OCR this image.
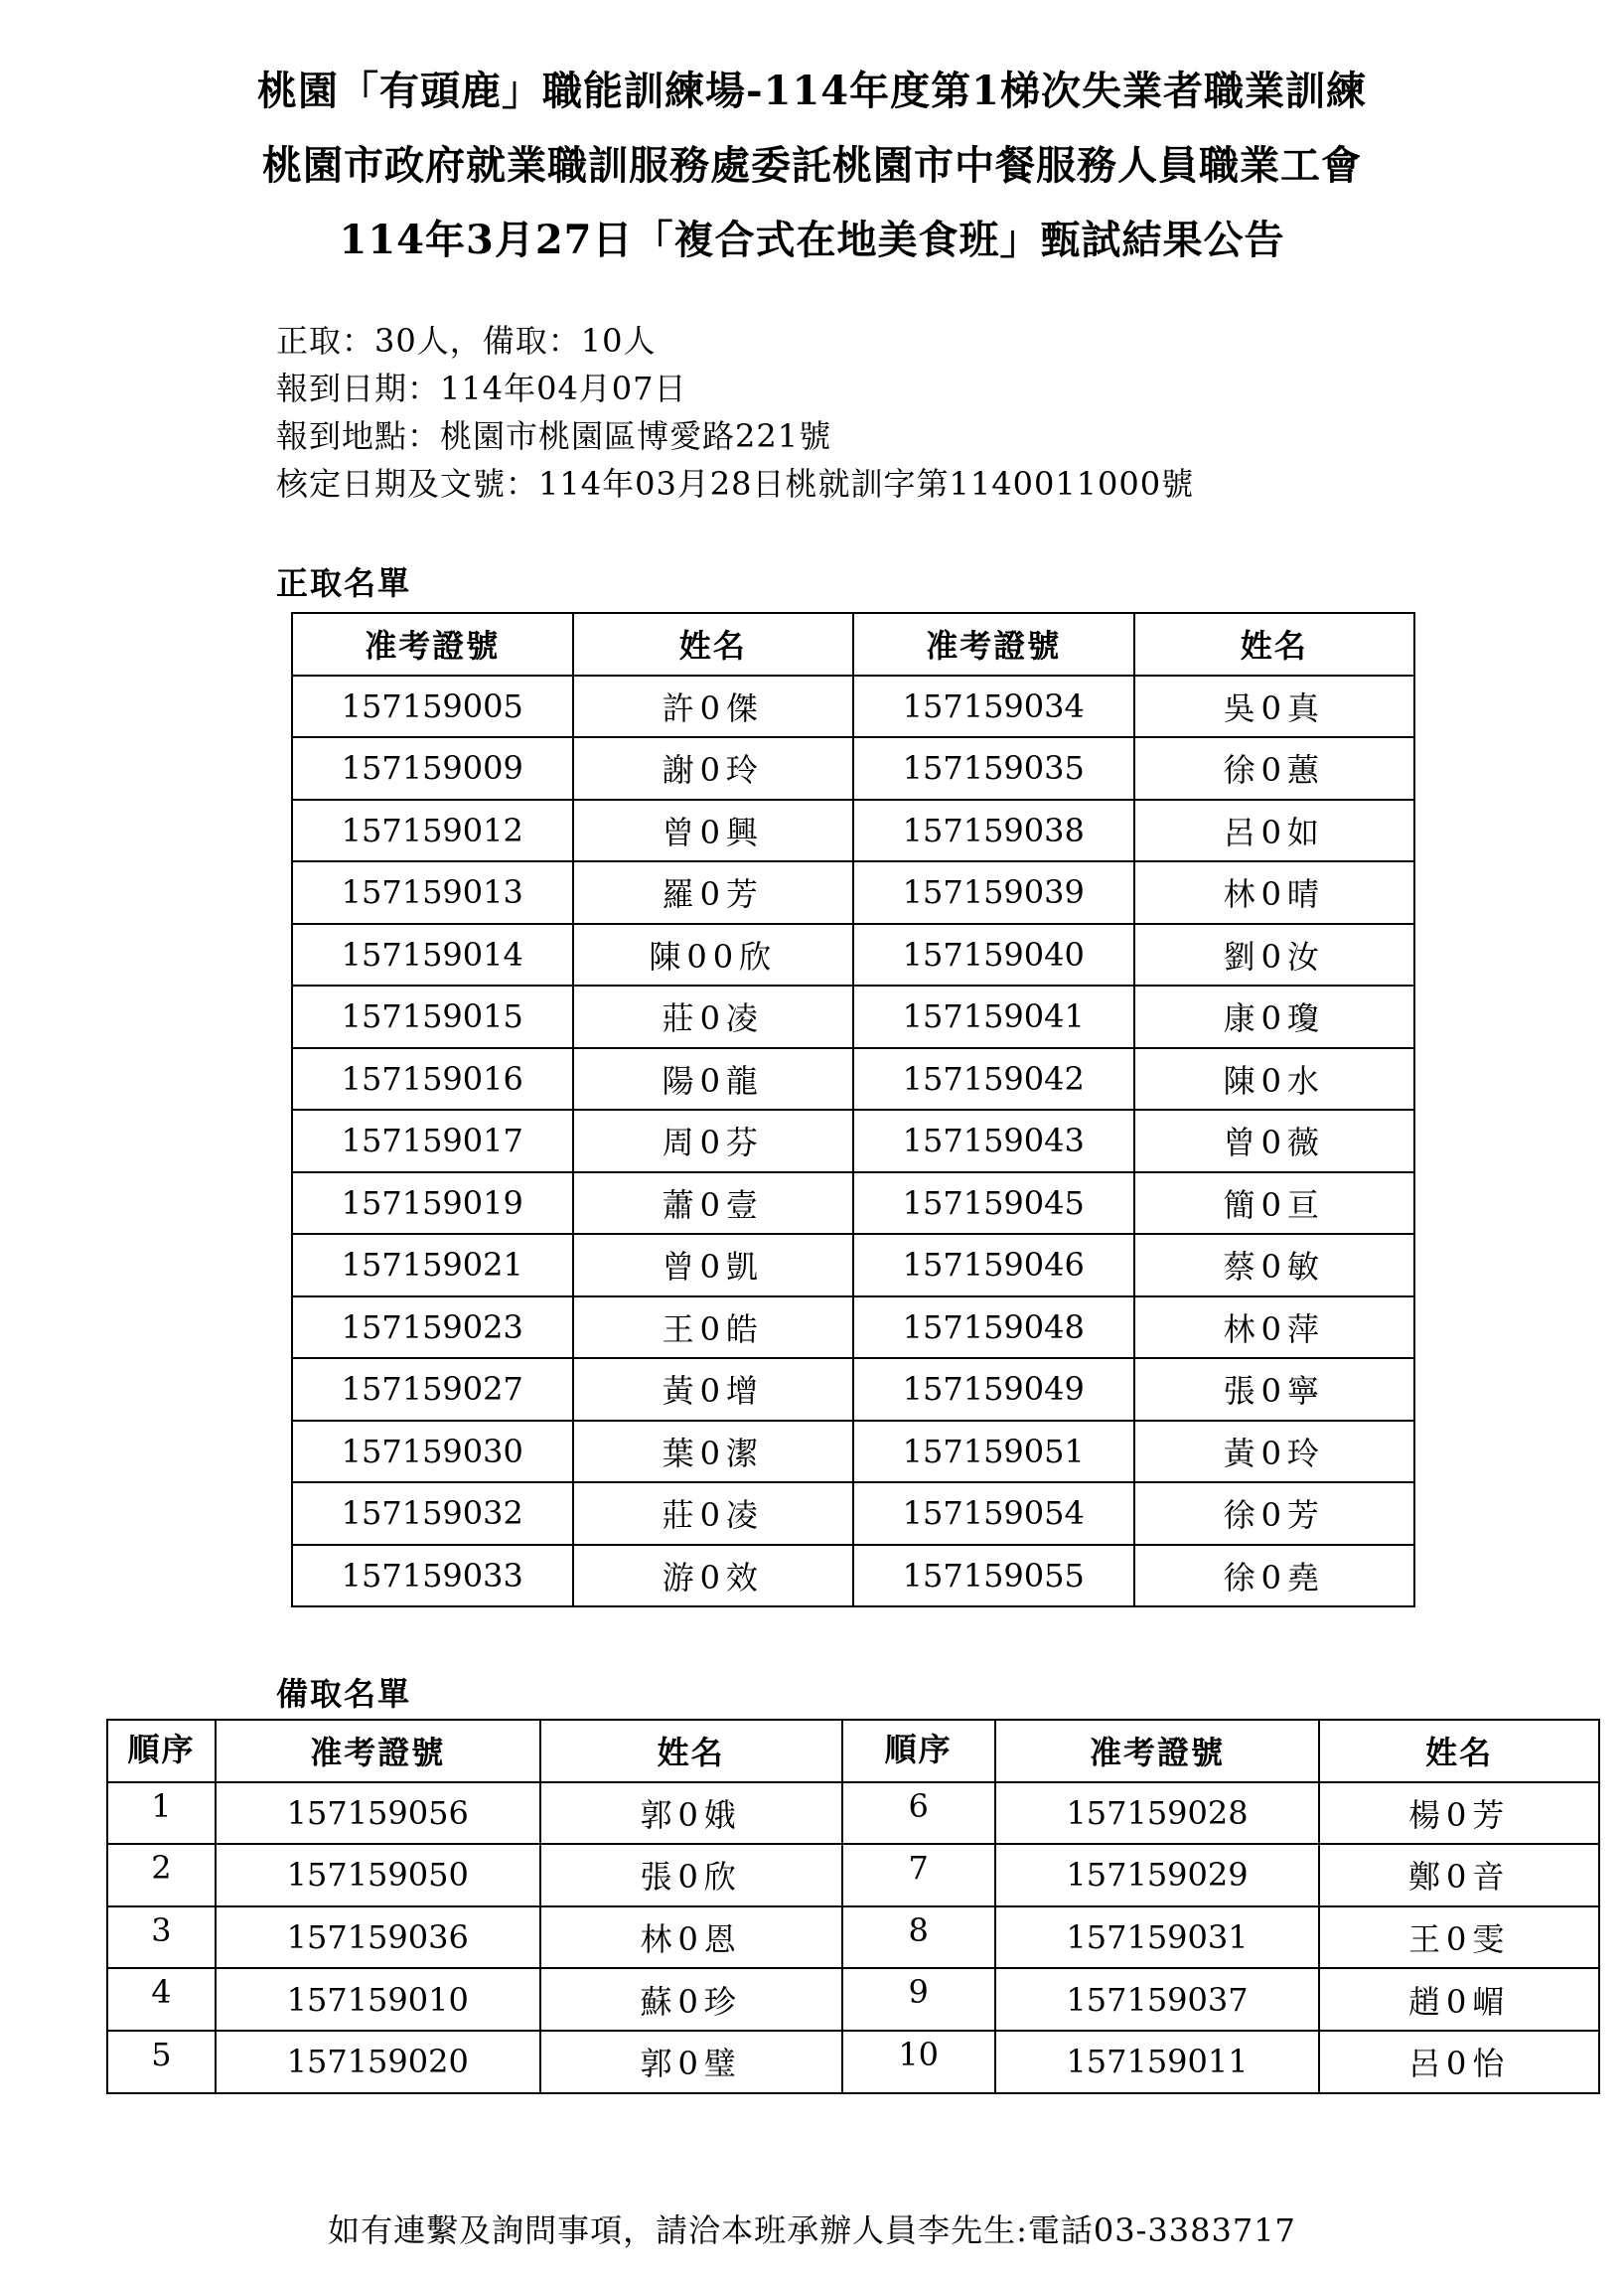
桃園「有頭鹿」職能訓練場-114年度第1梯次失業者職業訓練
桃園市政府就業職訓服務處委託桃園市中餐服務人員職業工會
114年3月27日「複合式在地美食班」甄試結果公告
正取：30人，備取：10人
報到日期：114年04月07日
報到地點：桃園市桃園區博愛路221號
核定日期及文號：114年03月28日桃就訓字第1140011000號
正取名單
准考證號	姓名	准考證號	姓名
157159005	許0傑	157159034	吳0真
157159009	謝0玲	157159035	徐0蕙
157159012	曾0興	157159038	呂0如
157159013	羅0芳	157159039	林0晴
157159014	陳00欣	157159040	劉0汝
157159015	莊0凌	157159041	康0瓊
157159016	陽0龍	157159042	陳0水
157159017	周0芬	157159043	曾0薇
157159019	蕭0壹	157159045	簡0亘
157159021	曾0凱	157159046	蔡0敏
157159023	王0皓	157159048	林0萍
157159027	黃0增	157159049	張0寧
157159030	葉0潔	157159051	黃0玲
157159032	莊0凌	157159054	徐0芳
157159033	游0效	157159055	徐0堯
備取名單
順序	准考證號	姓名	順序	准考證號	姓名
1	157159056	郭0娥	6	157159028	楊0芳
2	157159050	張0欣	7	157159029	鄭0音
3	157159036	林0恩	8	157159031	王0雯
4	157159010	蘇0珍	9	157159037	趙0嵋
5	157159020	郭0璧	10	157159011	呂0怡
如有連繫及詢問事項，請洽本班承辦人員李先生:電話03-3383717
